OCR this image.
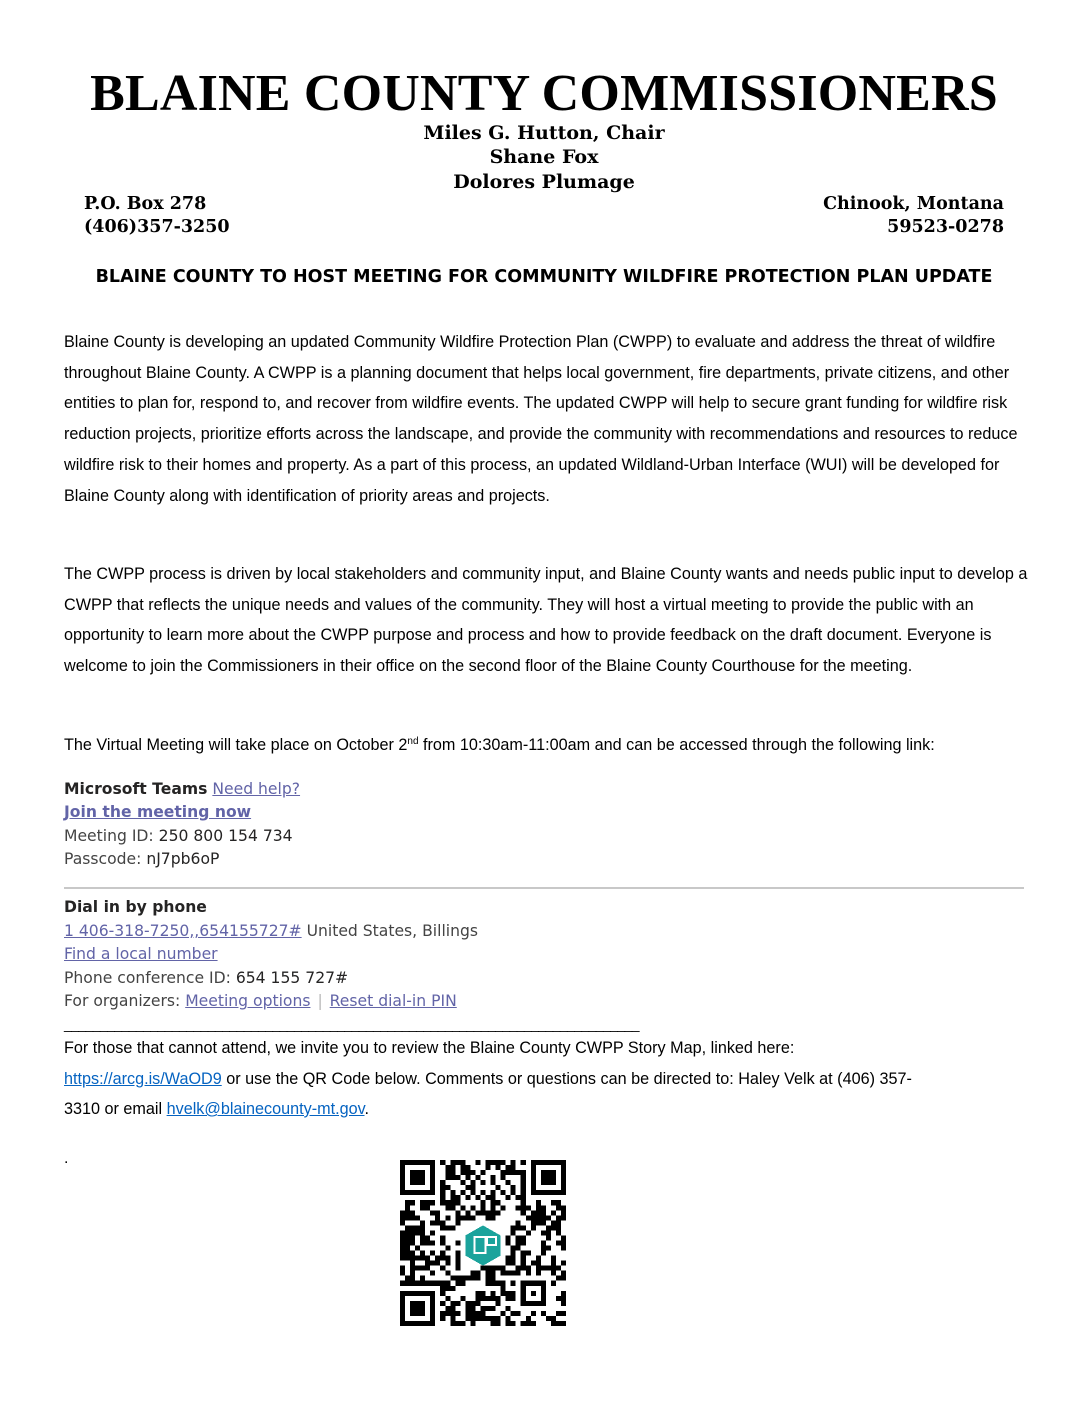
BLAINE COUNTY COMMISSIONERS
Miles G. Hutton, Chair
Shane Fox
Dolores Plumage
P.O. Box 278
(406)357-3250
Chinook, Montana
59523-0278
BLAINE COUNTY TO HOST MEETING FOR COMMUNITY WILDFIRE PROTECTION PLAN UPDATE

Blaine County is developing an updated Community Wildfire Protection Plan (CWPP) to evaluate and address the threat of wildfire throughout Blaine County. A CWPP is a planning document that helps local government, fire departments, private citizens, and other entities to plan for, respond to, and recover from wildfire events. The updated CWPP will help to secure grant funding for wildfire risk reduction projects, prioritize efforts across the landscape, and provide the community with recommendations and resources to reduce wildfire risk to their homes and property. As a part of this process, an updated Wildland-Urban Interface (WUI) will be developed for Blaine County along with identification of priority areas and projects.

The CWPP process is driven by local stakeholders and community input, and Blaine County wants and needs public input to develop a CWPP that reflects the unique needs and values of the community. They will host a virtual meeting to provide the public with an opportunity to learn more about the CWPP purpose and process and how to provide feedback on the draft document. Everyone is welcome to join the Commissioners in their office on the second floor of the Blaine County Courthouse for the meeting.

The Virtual Meeting will take place on October 2nd from 10:30am-11:00am and can be accessed through the following link:

Microsoft Teams Need help?
Join the meeting now
Meeting ID: 250 800 154 734
Passcode: nJ7pb6oP
Dial in by phone
1 406-318-7250,,654155727# United States, Billings
Find a local number
Phone conference ID: 654 155 727#
For organizers: Meeting options | Reset dial-in PIN
________________________________________________________________________________
For those that cannot attend, we invite you to review the Blaine County CWPP Story Map, linked here:
https://arcg.is/WaOD9 or use the QR Code below. Comments or questions can be directed to: Haley Velk at (406) 357-
3310 or email hvelk@blainecounty-mt.gov.
.
